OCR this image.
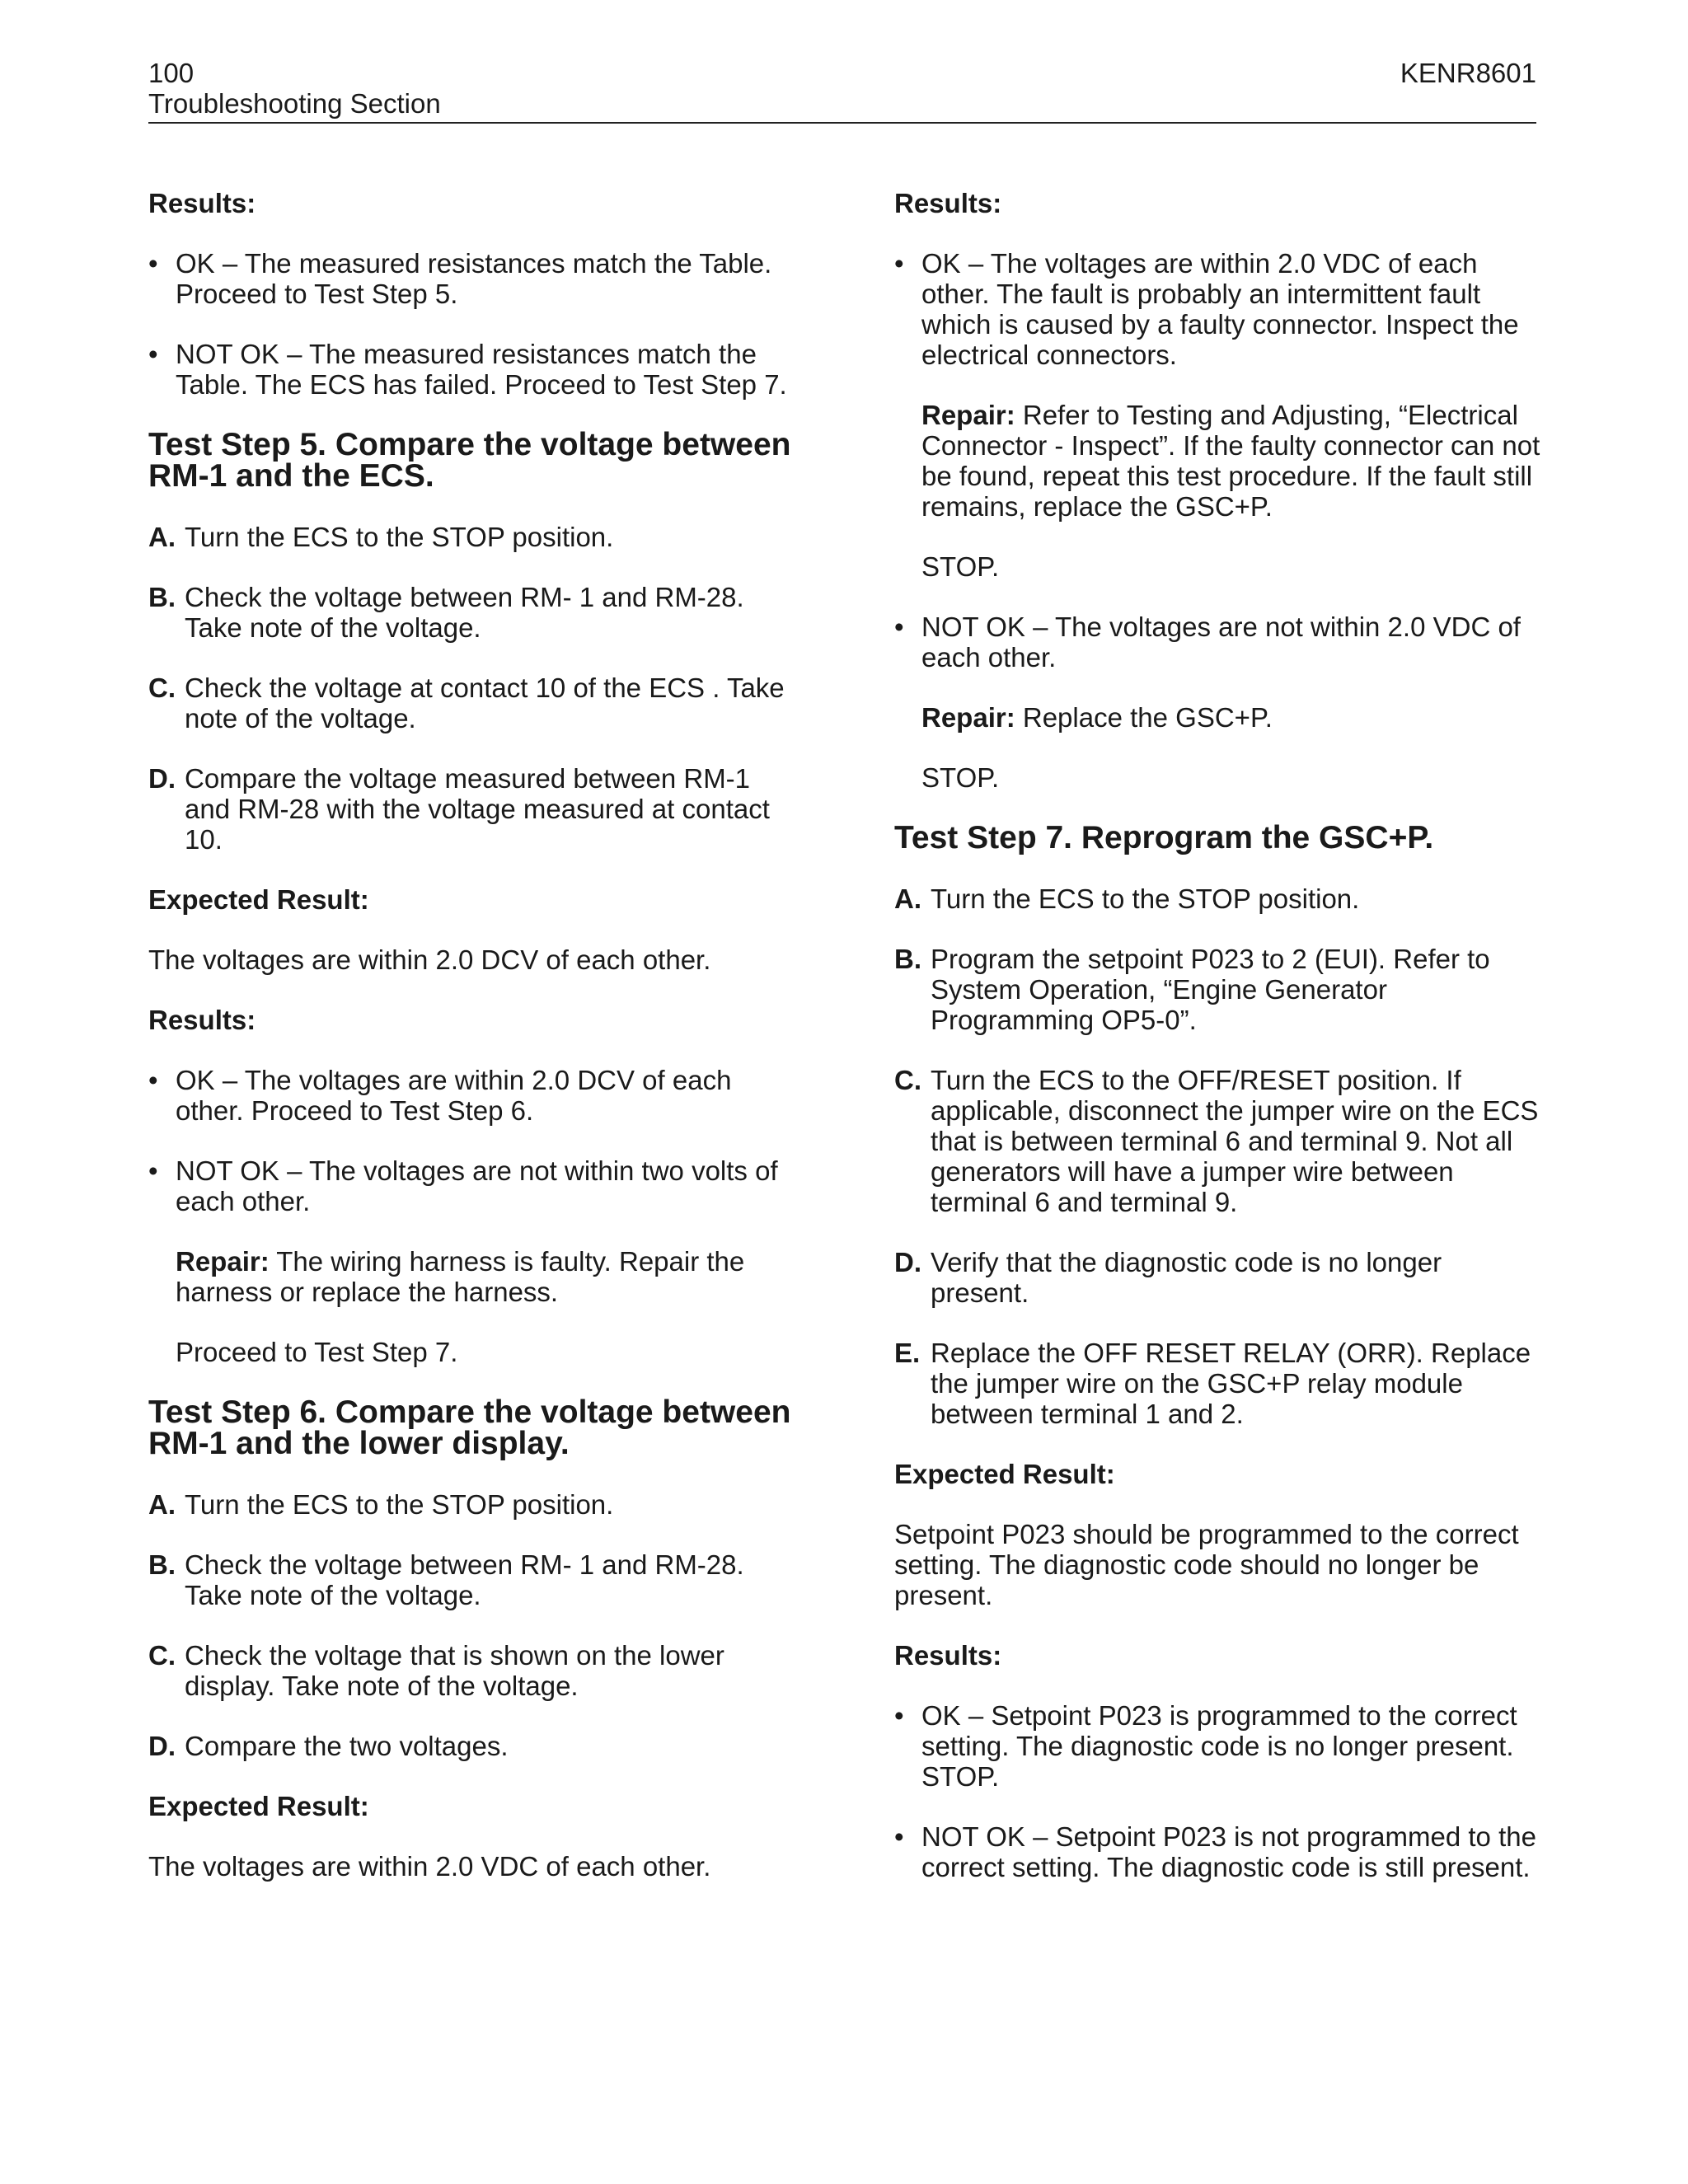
100
Troubleshooting Section
KENR8601

Results:

• OK – The measured resistances match the Table. Proceed to Test Step 5.

• NOT OK – The measured resistances match the Table. The ECS has failed. Proceed to Test Step 7.

Test Step 5. Compare the voltage between RM-1 and the ECS.

A. Turn the ECS to the STOP position.

B. Check the voltage between RM- 1 and RM-28. Take note of the voltage.

C. Check the voltage at contact 10 of the ECS . Take note of the voltage.

D. Compare the voltage measured between RM-1 and RM-28 with the voltage measured at contact 10.

Expected Result:

The voltages are within 2.0 DCV of each other.

Results:

• OK – The voltages are within 2.0 DCV of each other. Proceed to Test Step 6.

• NOT OK – The voltages are not within two volts of each other.

Repair: The wiring harness is faulty. Repair the harness or replace the harness.

Proceed to Test Step 7.

Test Step 6. Compare the voltage between RM-1 and the lower display.

A. Turn the ECS to the STOP position.

B. Check the voltage between RM- 1 and RM-28. Take note of the voltage.

C. Check the voltage that is shown on the lower display. Take note of the voltage.

D. Compare the two voltages.

Expected Result:

The voltages are within 2.0 VDC of each other.

Results:

• OK – The voltages are within 2.0 VDC of each other. The fault is probably an intermittent fault which is caused by a faulty connector. Inspect the electrical connectors.

Repair: Refer to Testing and Adjusting, “Electrical Connector - Inspect”. If the faulty connector can not be found, repeat this test procedure. If the fault still remains, replace the GSC+P.

STOP.

• NOT OK – The voltages are not within 2.0 VDC of each other.

Repair: Replace the GSC+P.

STOP.

Test Step 7. Reprogram the GSC+P.

A. Turn the ECS to the STOP position.

B. Program the setpoint P023 to 2 (EUI). Refer to System Operation, “Engine Generator Programming OP5-0”.

C. Turn the ECS to the OFF/RESET position. If applicable, disconnect the jumper wire on the ECS that is between terminal 6 and terminal 9. Not all generators will have a jumper wire between terminal 6 and terminal 9.

D. Verify that the diagnostic code is no longer present.

E. Replace the OFF RESET RELAY (ORR). Replace the jumper wire on the GSC+P relay module between terminal 1 and 2.

Expected Result:

Setpoint P023 should be programmed to the correct setting. The diagnostic code should no longer be present.

Results:

• OK – Setpoint P023 is programmed to the correct setting. The diagnostic code is no longer present. STOP.

• NOT OK – Setpoint P023 is not programmed to the correct setting. The diagnostic code is still present.
